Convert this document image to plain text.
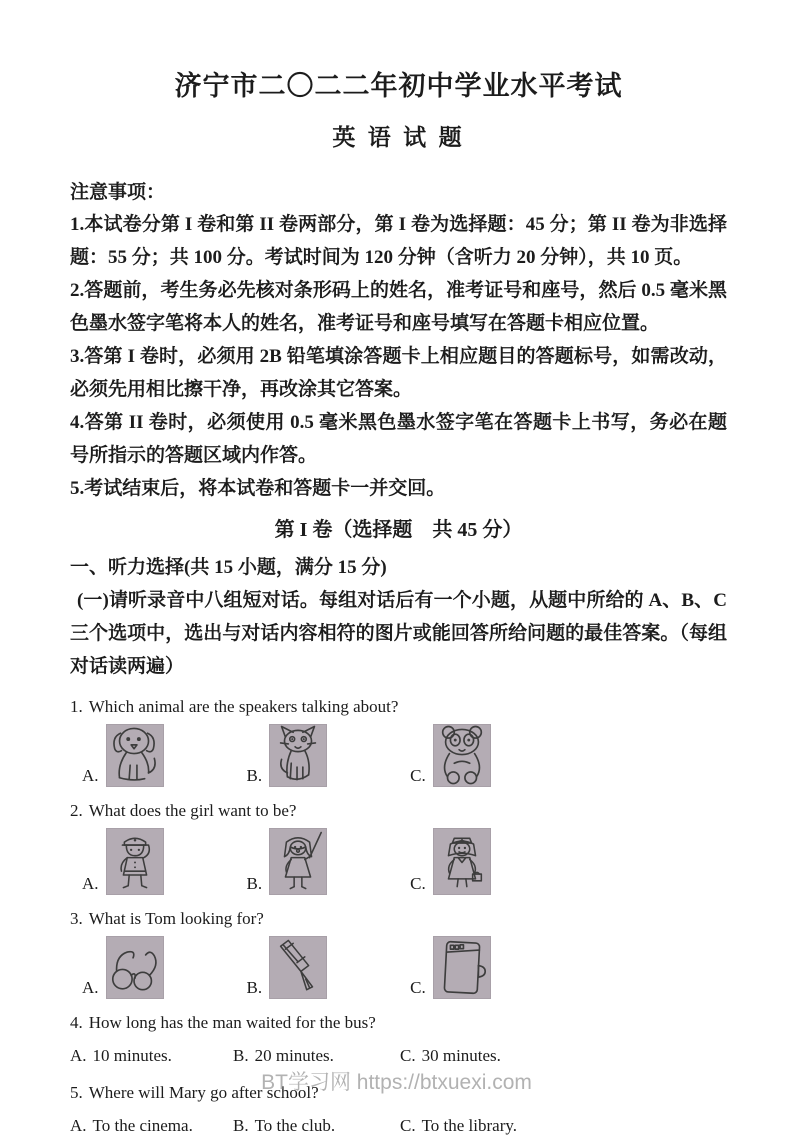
济宁市二〇二二年初中学业水平考试
英 语 试 题
注意事项：

1.本试卷分第 I 卷和第 II 卷两部分，第 I 卷为选择题：45 分；第 II 卷为非选择题：55 分；共 100 分。考试时间为 120 分钟（含听力 20 分钟），共 10 页。

2.答题前，考生务必先核对条形码上的姓名，准考证号和座号，然后 0.5 毫米黑色墨水签字笔将本人的姓名，准考证号和座号填写在答题卡相应位置。

3.答第 I 卷时，必须用 2B 铅笔填涂答题卡上相应题目的答题标号，如需改动，必须先用相比擦干净，再改涂其它答案。

4.答第 II 卷时，必须使用 0.5 毫米黑色墨水签字笔在答题卡上书写，务必在题号所指示的答题区域内作答。

5.考试结束后，将本试卷和答题卡一并交回。

第 I 卷（选择题　共 45 分）
一、听力选择(共 15 小题，满分 15 分)
(一)请听录音中八组短对话。每组对话后有一个小题，从题中所给的 A、B、C 三个选项中，选出与对话内容相符的图片或能回答所给问题的最佳答案。（每组对话读两遍）

1. Which animal are the speakers talking about?

A.	B.	C.

2. What does the girl want to be?

A.	B.	C.

3. What is Tom looking for?

A.	B.	C.

4. How long has the man waited for the bus?

A. 10 minutes.	B. 20 minutes.	C. 30 minutes.

5. Where will Mary go after school?

A. To the cinema.	B. To the club.	C. To the library.
BT学习网 https://btxuexi.com
